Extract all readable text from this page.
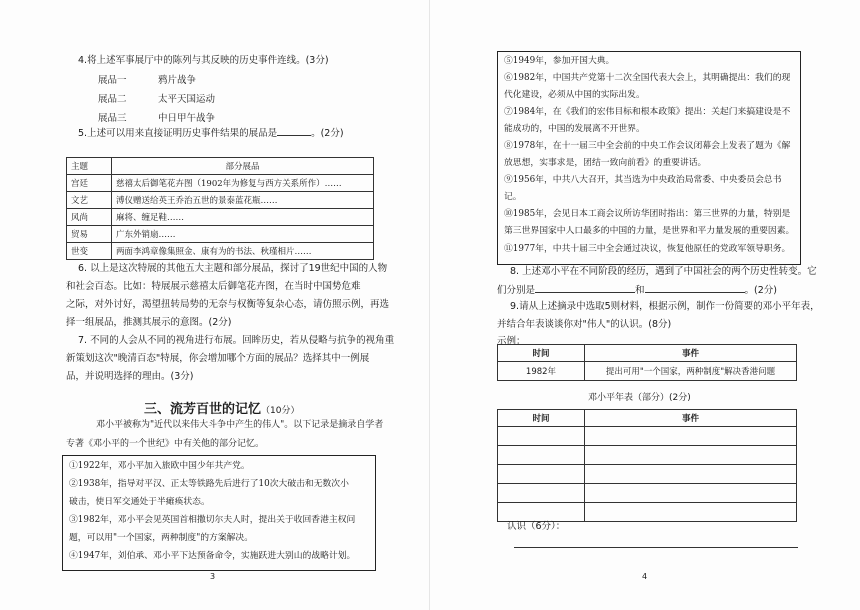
4.将上述军事展厅中的陈列与其反映的历史事件连线。(3分)
展品一	鸦片战争
展品二	太平天国运动
展品三	中日甲午战争
5.上述可以用来直接证明历史事件结果的展品是	。(2分)
主题	部分展品
宫廷	慈禧太后御笔花卉图（1902年为修复与西方关系所作）……
文艺	溥仪赠送给英王乔治五世的景泰蓝花瓶……
风尚	麻将、缠足鞋……
贸易	广东外销扇……
世变	两面李鸿章像集照金、康有为的书法、秋瑾相片……
6. 以上是这次特展的其他五大主题和部分展品，探讨了19世纪中国的人物
和社会百态。比如：特展展示慈禧太后御笔花卉图，在当时中国势危难
之际，对外讨好，渴望扭转局势的无奈与权衡等复杂心态，请仿照示例，再选
择一组展品，推测其展示的意图。(2分)
7. 不同的人会从不同的视角进行布展。回眸历史，若从侵略与抗争的视角重
新策划这次"晚清百态"特展，你会增加哪个方面的展品？选择其中一例展
品，并说明选择的理由。(3分)
三、流芳百世的记忆（10分）
邓小平被称为"近代以来伟大斗争中产生的伟人"。以下记录是摘录自学者
专著《邓小平的一个世纪》中有关他的部分记忆。
①1922年，邓小平加入旅欧中国少年共产党。
②1938年，指导对平汉、正太等铁路先后进行了10次大破击和无数次小
破击，使日军交通处于半瘫痪状态。
③1982年，邓小平会见英国首相撒切尔夫人时，提出关于收回香港主权问
题，可以用"一个国家，两种制度"的方案解决。
④1947年，刘伯承、邓小平下达预备命令，实施跃进大别山的战略计划。
3
⑤1949年，参加开国大典。
⑥1982年，中国共产党第十二次全国代表大会上，其明确提出：我们的现
代化建设，必须从中国的实际出发。
⑦1984年，在《我们的宏伟目标和根本政策》提出：关起门来搞建设是不
能成功的，中国的发展离不开世界。
⑧1978年，在十一届三中全会前的中央工作会议闭幕会上发表了题为《解
放思想，实事求是，团结一致向前看》的重要讲话。
⑨1956年，中共八大召开，其当选为中央政治局常委、中央委员会总书
记。
⑩1985年，会见日本工商会议所访华团时指出：第三世界的力量，特别是
第三世界国家中人口最多的中国的力量，是世界和平力量发展的重要因素。
⑪1977年，中共十届三中全会通过决议，恢复他原任的党政军领导职务。
8. 上述邓小平在不同阶段的经历，遇到了中国社会的两个历史性转变。它
们分别是	和	。(2分)
9.请从上述摘录中选取5则材料，根据示例，制作一份简要的邓小平年表，
并结合年表谈谈你对"伟人"的认识。(8分)
示例：
时间	事件
1982年	提出可用"一个国家，两种制度"解决香港问题
邓小平年表（部分）(2分)
时间	事件

认识（6分）：
4
